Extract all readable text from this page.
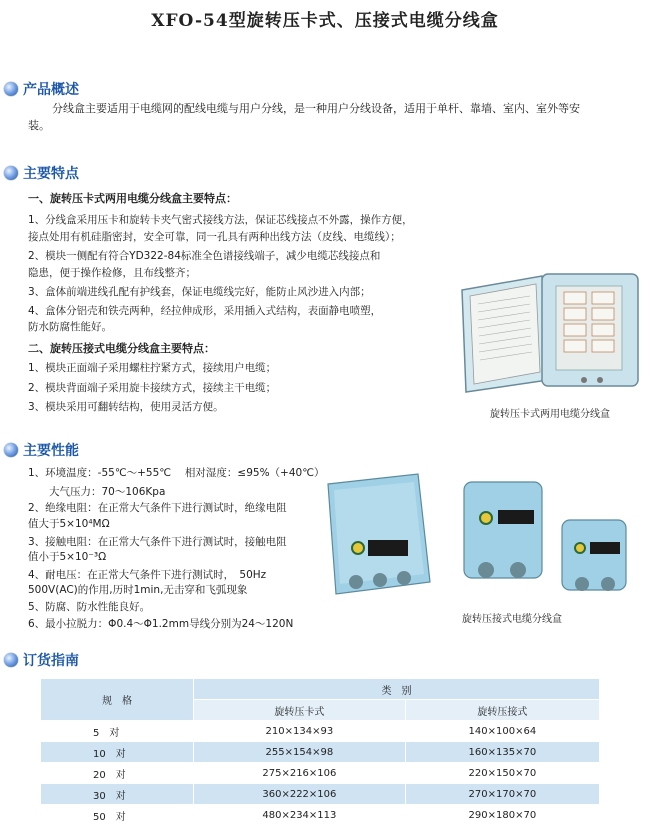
XFO-54型旋转压卡式、压接式电缆分线盒
产品概述
分线盒主要适用于电缆网的配线电缆与用户分线，是一种用户分线设备，适用于单杆、靠墙、室内、室外等安装。
主要特点
一、旋转压卡式两用电缆分线盒主要特点：
1、分线盒采用压卡和旋转卡夹气密式接线方法，保证芯线接点不外露，操作方便，
接点处用有机硅脂密封，安全可靠，同一孔具有两种出线方法（皮线、电缆线）；
2、模块一侧配有符合YD322-84标准全色谱接线端子，减少电缆芯线接点和
隐患，便于操作检修，且布线整齐；
3、盒体前端进线孔配有护线套，保证电缆线完好，能防止风沙进入内部；
4、盒体分铝壳和铁壳两种，经拉伸成形，采用插入式结构，表面静电喷塑，
防水防腐性能好。
二、旋转压接式电缆分线盒主要特点：
1、模块正面端子采用螺柱拧紧方式，接续用户电缆；
2、模块背面端子采用旋卡接续方式，接续主干电缆；
3、模块采用可翻转结构，使用灵活方便。
旋转压卡式两用电缆分线盒
主要性能
1、环境温度：-55℃～+55℃　 相对湿度：≤95%（+40℃）
　　大气压力：70～106Kpa
2、绝缘电阻：在正常大气条件下进行测试时，绝缘电阻
值大于5×10⁴MΩ
3、接触电阻：在正常大气条件下进行测试时，接触电阻
值小于5×10⁻³Ω
4、耐电压：在正常大气条件下进行测试时，　50Hz
500V(AC)的作用,历时1min,无击穿和飞弧现象
5、防腐、防水性能良好。
6、最小拉脱力：Φ0.4～Φ1.2mm导线分别为24～120N	旋转压接式电缆分线盒
订货指南
规　格	类　别	
	旋转压卡式	旋转压接式
5　对	210×134×93	140×100×64
10　对	255×154×98	160×135×70
20　对	275×216×106	220×150×70
30　对	360×222×106	270×170×70
50　对	480×234×113	290×180×70
